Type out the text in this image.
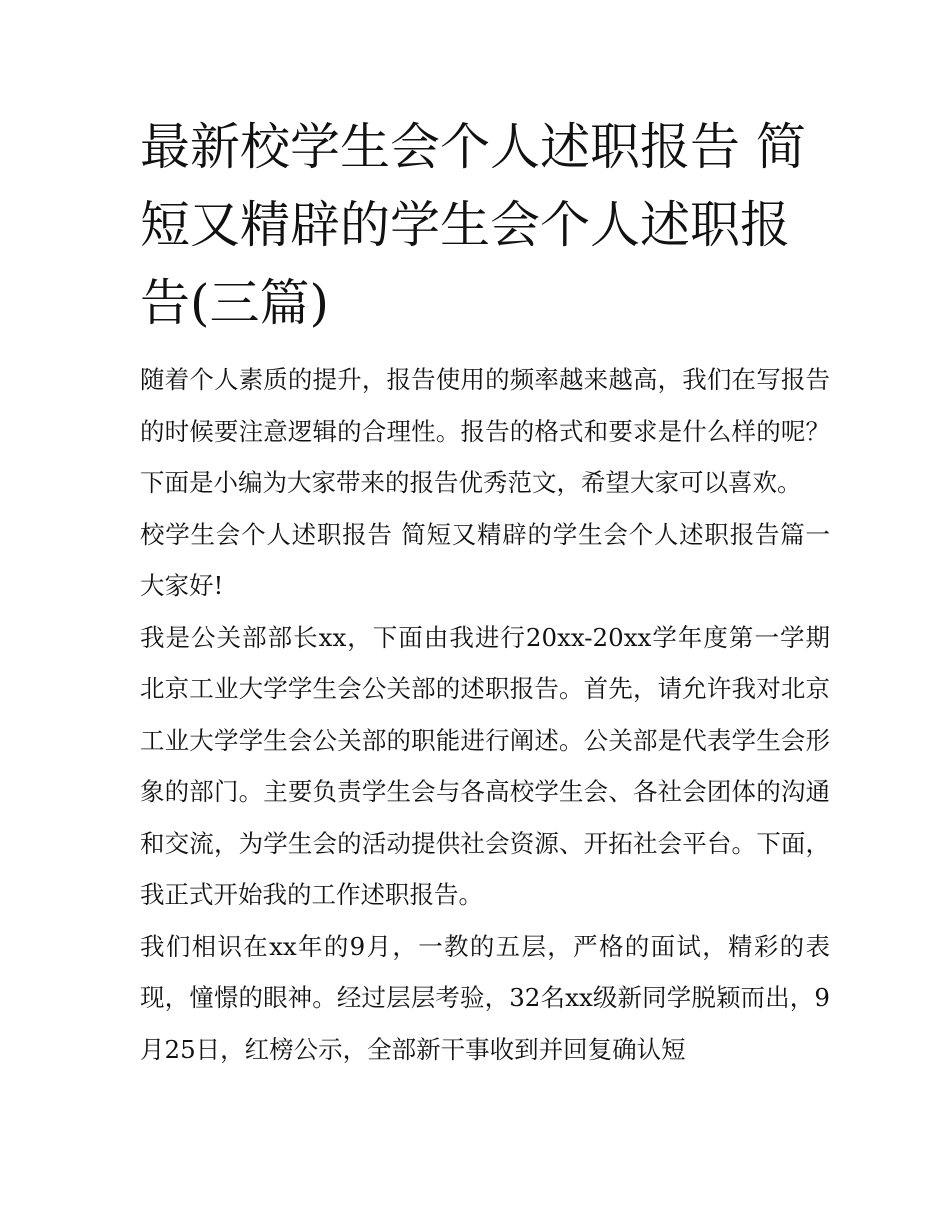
最新校学生会个人述职报告 简短又精辟的学生会个人述职报告(三篇)

随着个人素质的提升，报告使用的频率越来越高，我们在写报告的时候要注意逻辑的合理性。报告的格式和要求是什么样的呢？下面是小编为大家带来的报告优秀范文，希望大家可以喜欢。

校学生会个人述职报告 简短又精辟的学生会个人述职报告篇一 大家好!

我是公关部部长xx，下面由我进行20xx-20xx学年度第一学期北京工业大学学生会公关部的述职报告。首先，请允许我对北京工业大学学生会公关部的职能进行阐述。公关部是代表学生会形象的部门。主要负责学生会与各高校学生会、各社会团体的沟通和交流，为学生会的活动提供社会资源、开拓社会平台。下面，我正式开始我的工作述职报告。

我们相识在xx年的9月，一教的五层，严格的面试，精彩的表现，憧憬的眼神。经过层层考验，32名xx级新同学脱颖而出，9月25日，红榜公示，全部新干事收到并回复确认短
